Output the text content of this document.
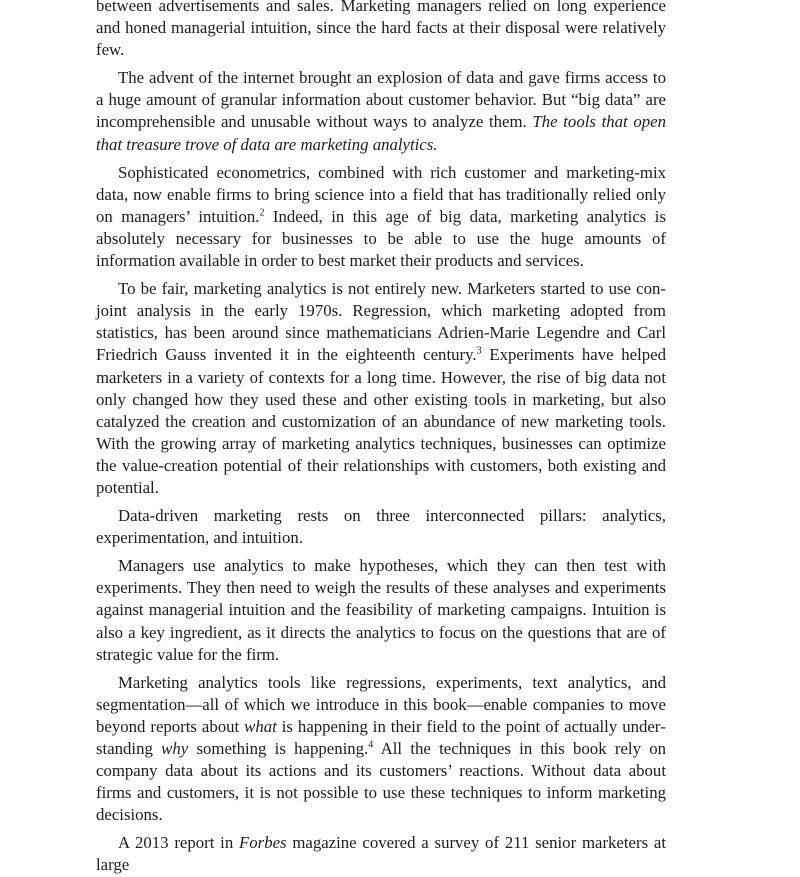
between advertisements and sales. Marketing managers relied on long experience and honed managerial intuition, since the hard facts at their disposal were relatively few.

The advent of the internet brought an explosion of data and gave firms access to a huge amount of granular information about customer behavior. But “big data” are incomprehensible and unusable without ways to analyze them. The tools that open that treasure trove of data are marketing analytics.

Sophisticated econometrics, combined with rich customer and marketing-mix data, now enable firms to bring science into a field that has traditionally relied only on managers’ intuition.$^2$ Indeed, in this age of big data, marketing analytics is absolutely necessary for businesses to be able to use the huge amounts of information available in order to best market their products and services.

To be fair, marketing analytics is not entirely new. Marketers started to use conjoint analysis in the early 1970s. Regression, which marketing adopted from statistics, has been around since mathematicians Adrien-Marie Legendre and Carl Friedrich Gauss invented it in the eighteenth century.$^3$ Experiments have helped marketers in a variety of contexts for a long time. However, the rise of big data not only changed how they used these and other existing tools in marketing, but also catalyzed the creation and customization of an abundance of new marketing tools. With the growing array of marketing analytics techniques, businesses can optimize the value-creation potential of their relationships with customers, both existing and potential.

Data-driven marketing rests on three interconnected pillars: analytics, experimentation, and intuition.

Managers use analytics to make hypotheses, which they can then test with experiments. They then need to weigh the results of these analyses and experiments against managerial intuition and the feasibility of marketing campaigns. Intuition is also a key ingredient, as it directs the analytics to focus on the questions that are of strategic value for the firm.

Marketing analytics tools like regressions, experiments, text analytics, and segmentation—all of which we introduce in this book—enable companies to move beyond reports about what is happening in their field to the point of actually understanding why something is happening.$^4$ All the techniques in this book rely on company data about its actions and its customers’ reactions. Without data about firms and customers, it is not possible to use these techniques to inform marketing decisions.

A 2013 report in Forbes magazine covered a survey of 211 senior marketers at large
